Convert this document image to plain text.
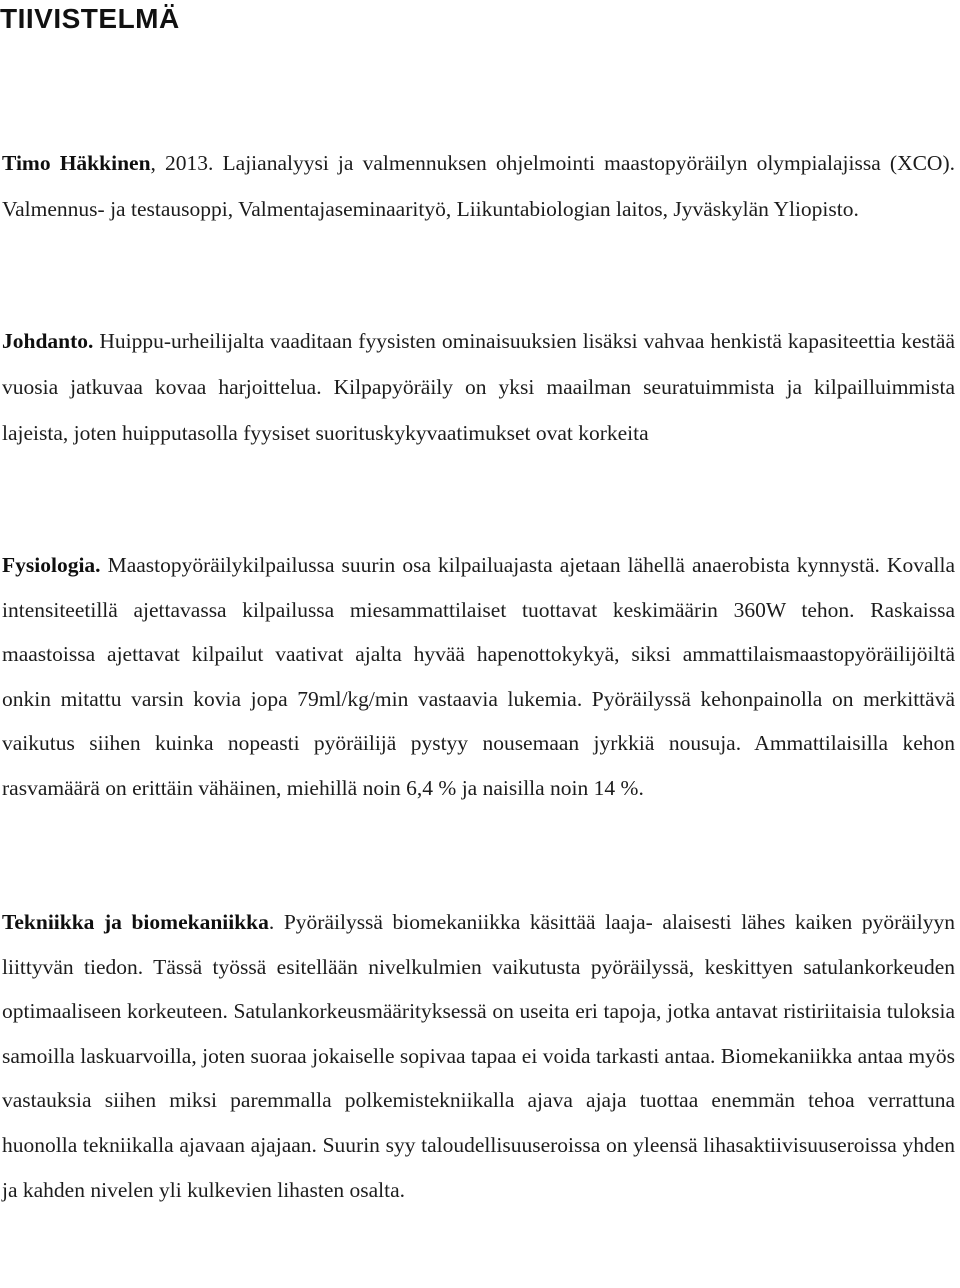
TIIVISTELMÄ

Timo Häkkinen, 2013. Lajianalyysi ja valmennuksen ohjelmointi maastopyöräilyn olympialajissa (XCO). Valmennus- ja testausoppi, Valmentajaseminaarityö, Liikuntabiologian laitos, Jyväskylän Yliopisto.

Johdanto. Huippu-urheilijalta vaaditaan fyysisten ominaisuuksien lisäksi vahvaa henkistä kapasiteettia kestää vuosia jatkuvaa kovaa harjoittelua. Kilpapyöräily on yksi maailman seuratuimmista ja kilpailluimmista lajeista, joten huipputasolla fyysiset suorituskykyvaatimukset ovat korkeita

Fysiologia. Maastopyöräilykilpailussa suurin osa kilpailuajasta ajetaan lähellä anaerobista kynnystä. Kovalla intensiteetillä ajettavassa kilpailussa miesammattilaiset tuottavat keskimäärin 360W tehon. Raskaissa maastoissa ajettavat kilpailut vaativat ajalta hyvää hapenottokykyä, siksi ammattilaismaastopyöräilijöiltä onkin mitattu varsin kovia jopa 79ml/kg/min vastaavia lukemia. Pyöräilyssä kehonpainolla on merkittävä vaikutus siihen kuinka nopeasti pyöräilijä pystyy nousemaan jyrkkiä nousuja. Ammattilaisilla kehon rasvamäärä on erittäin vähäinen, miehillä noin 6,4 % ja naisilla noin 14 %.

Tekniikka ja biomekaniikka. Pyöräilyssä biomekaniikka käsittää laaja- alaisesti lähes kaiken pyöräilyyn liittyvän tiedon. Tässä työssä esitellään nivelkulmien vaikutusta pyöräilyssä, keskittyen satulankorkeuden optimaaliseen korkeuteen. Satulankorkeusmäärityksessä on useita eri tapoja, jotka antavat ristiriitaisia tuloksia samoilla laskuarvoilla, joten suoraa jokaiselle sopivaa tapaa ei voida tarkasti antaa. Biomekaniikka antaa myös vastauksia siihen miksi paremmalla polkemistekniikalla ajava ajaja tuottaa enemmän tehoa verrattuna huonolla tekniikalla ajavaan ajajaan. Suurin syy taloudellisuuseroissa on yleensä lihasaktiivisuuseroissa yhden ja kahden nivelen yli kulkevien lihasten osalta.
